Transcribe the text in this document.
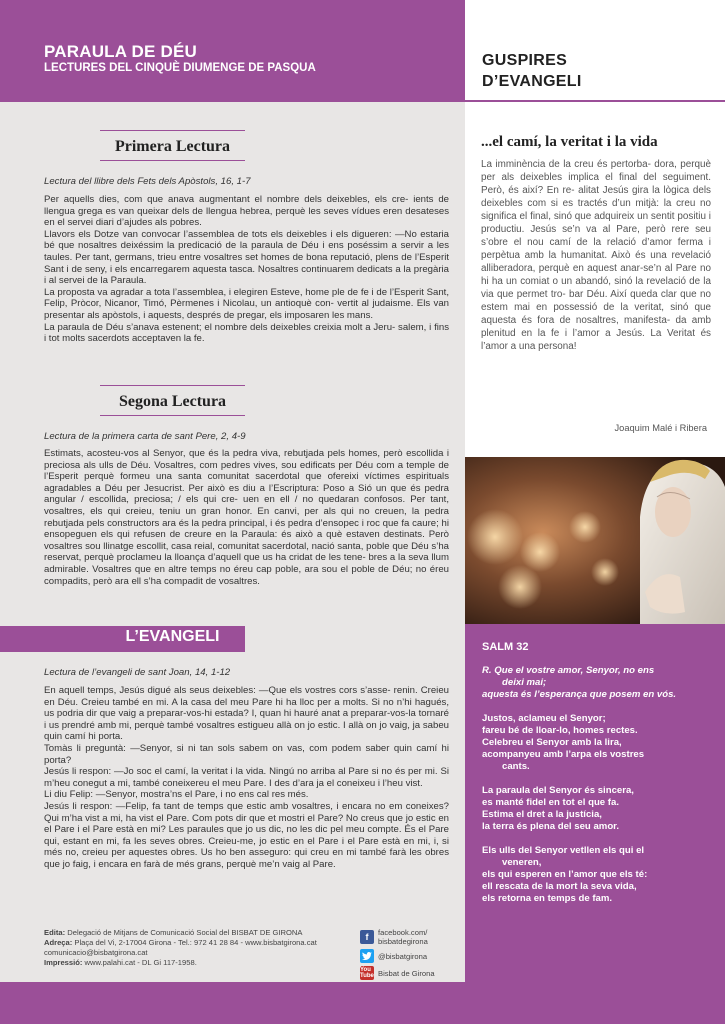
PARAULA DE DÉU
LECTURES DEL CINQUÈ DIUMENGE DE PASQUA
Primera Lectura
Lectura del llibre dels Fets dels Apòstols, 16, 1-7

Per aquells dies, com que anava augmentant el nombre dels deixebles, els cre- ients de llengua grega es van queixar dels de llengua hebrea, perquè les seves vídues eren desateses en el servei diari d’ajudes als pobres.

Llavors els Dotze van convocar l’assemblea de tots els deixebles i els digueren: —No estaria bé que nosaltres deixéssim la predicació de la paraula de Déu i ens poséssim a servir a les taules. Per tant, germans, trieu entre vosaltres set homes de bona reputació, plens de l’Esperit Sant i de seny, i els encarregarem aquesta tasca. Nosaltres continuarem dedicats a la pregària i al servei de la Paraula.

La proposta va agradar a tota l’assemblea, i elegiren Esteve, home ple de fe i de l’Esperit Sant, Felip, Pròcor, Nicanor, Timó, Pèrmenes i Nicolau, un antioquè con- vertit al judaisme. Els van presentar als apòstols, i aquests, després de pregar, els imposaren les mans.

La paraula de Déu s’anava estenent; el nombre dels deixebles creixia molt a Jeru- salem, i fins i tot molts sacerdots acceptaven la fe.

Segona Lectura
Lectura de la primera carta de sant Pere, 2, 4-9

Estimats, acosteu-vos al Senyor, que és la pedra viva, rebutjada pels homes, però escollida i preciosa als ulls de Déu. Vosaltres, com pedres vives, sou edificats per Déu com a temple de l’Esperit perquè formeu una santa comunitat sacerdotal que ofereixi víctimes espirituals agradables a Déu per Jesucrist. Per això es diu a l’Escriptura: Poso a Sió un que és pedra angular / escollida, preciosa; / els qui cre- uen en ell / no quedaran confosos. Per tant, vosaltres, els qui creieu, teniu un gran honor. En canvi, per als qui no creuen, la pedra rebutjada pels constructors ara és la pedra principal, i és pedra d’ensopec i roc que fa caure; hi ensopeguen els qui refusen de creure en la Paraula: és això a què estaven destinats. Però vosaltres sou llinatge escollit, casa reial, comunitat sacerdotal, nació santa, poble que Déu s’ha reservat, perquè proclameu la lloança d’aquell que us ha cridat de les tene- bres a la seva llum admirable. Vosaltres que en altre temps no éreu cap poble, ara sou el poble de Déu; no éreu compadits, però ara ell s’ha compadit de vosaltres.

L’EVANGELI
Lectura de l’evangeli de sant Joan, 14, 1-12

En aquell temps, Jesús digué als seus deixebles: —Que els vostres cors s’asse- renin. Creieu en Déu. Creieu també en mi. A la casa del meu Pare hi ha lloc per a molts. Si no n’hi hagués, us podria dir que vaig a preparar-vos-hi estada? I, quan hi hauré anat a preparar-vos-la tornaré i us prendré amb mi, perquè també vosaltres estigueu allà on jo estic. I allà on jo vaig, ja sabeu quin camí hi porta.

Tomàs li preguntà: —Senyor, si ni tan sols sabem on vas, com podem saber quin camí hi porta?

Jesús li respon: —Jo soc el camí, la veritat i la vida. Ningú no arriba al Pare si no és per mi. Si m’heu conegut a mi, també coneixereu el meu Pare. I des d’ara ja el coneixeu i l’heu vist.

Li diu Felip: —Senyor, mostra’ns el Pare, i no ens cal res més.

Jesús li respon: —Felip, fa tant de temps que estic amb vosaltres, i encara no em coneixes? Qui m’ha vist a mi, ha vist el Pare. Com pots dir que et mostri el Pare? No creus que jo estic en el Pare i el Pare està en mi? Les paraules que jo us dic, no les dic pel meu compte. És el Pare qui, estant en mi, fa les seves obres. Creieu-me, jo estic en el Pare i el Pare està en mi, i, si més no, creieu per aquestes obres. Us ho ben asseguro: qui creu en mi també farà les obres que jo faig, i encara en farà de més grans, perquè me’n vaig al Pare.

Edita: Delegació de Mitjans de Comunicació Social del BISBAT DE GIRONA
Adreça: Plaça del Vi, 2-17004 Girona - Tel.: 972 41 28 84 - www.bisbatgirona.cat
comunicacio@bisbatgirona.cat
Impressió: www.palahi.cat - DL Gi 117-1958.
f	facebook.com/
bisbatdegirona
@bisbatgirona
You Tube Bisbat de Girona
GUSPIRES
D’EVANGELI
...el camí, la veritat i la vida
La imminència de la creu és pertorba- dora, perquè per als deixebles implica el final del seguiment. Però, és així? En re- alitat Jesús gira la lògica dels deixebles com si es tractés d’un mitjà: la creu no significa el final, sinó que adquireix un sentit positiu i productiu. Jesús se’n va al Pare, però rere seu s’obre el nou camí de la relació d’amor ferma i perpètua amb la humanitat. Això és una revelació alliberadora, perquè en aquest anar-se’n al Pare no hi ha un comiat o un abandó, sinó la revelació de la via que permet tro- bar Déu. Així queda clar que no estem mai en possessió de la veritat, sinó que aquesta és fora de nosaltres, manifesta- da amb plenitud en la fe i l’amor a Jesús. La Veritat és l’amor a una persona!
Joaquim Malé i Ribera
SALM 32
R. Que el vostre amor, Senyor, no ens
deixi mai;
aquesta és l’esperança que posem en vós.
Justos, aclameu el Senyor;
fareu bé de lloar-lo, homes rectes.
Celebreu el Senyor amb la lira,
acompanyeu amb l’arpa els vostres
cants.
La paraula del Senyor és sincera,
es manté fidel en tot el que fa.
Estima el dret a la justícia,
la terra és plena del seu amor.
Els ulls del Senyor vetllen els qui el
veneren,
els qui esperen en l’amor que els té:
ell rescata de la mort la seva vida,
els retorna en temps de fam.
